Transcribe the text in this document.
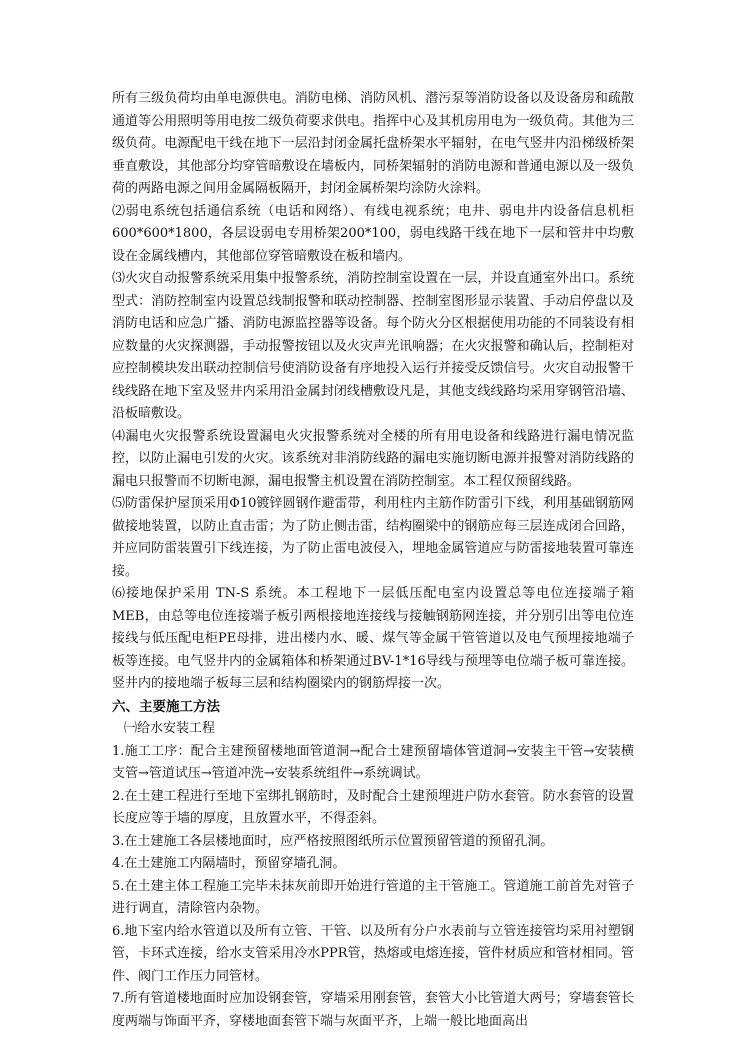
所有三级负荷均由单电源供电。消防电梯、消防风机、潜污泵等消防设备以及设备房和疏散通道等公用照明等用电按二级负荷要求供电。指挥中心及其机房用电为一级负荷。其他为三级负荷。电源配电干线在地下一层沿封闭金属托盘桥架水平辐射，在电气竖井内沿梯级桥架垂直敷设，其他部分均穿管暗敷设在墙板内，同桥架辐射的消防电源和普通电源以及一级负荷的两路电源之间用金属隔板隔开，封闭金属桥架均涂防火涂料。

⑵弱电系统包括通信系统（电话和网络）、有线电视系统；电井、弱电井内设备信息机柜600*600*1800，各层设弱电专用桥架200*100，弱电线路干线在地下一层和管井中均敷设在金属线槽内，其他部位穿管暗敷设在板和墙内。

⑶火灾自动报警系统采用集中报警系统，消防控制室设置在一层，并设直通室外出口。系统型式：消防控制室内设置总线制报警和联动控制器、控制室图形显示装置、手动启停盘以及消防电话和应急广播、消防电源监控器等设备。每个防火分区根据使用功能的不同装设有相应数量的火灾探测器，手动报警按钮以及火灾声光讯响器；在火灾报警和确认后，控制柜对应控制模块发出联动控制信号使消防设备有序地投入运行并接受反馈信号。火灾自动报警干线线路在地下室及竖井内采用沿金属封闭线槽敷设凡是，其他支线线路均采用穿钢管沿墙、沿板暗敷设。

⑷漏电火灾报警系统设置漏电火灾报警系统对全楼的所有用电设备和线路进行漏电情况监控，以防止漏电引发的火灾。该系统对非消防线路的漏电实施切断电源并报警对消防线路的漏电只报警而不切断电源，漏电报警主机设置在消防控制室。本工程仅预留线路。

⑸防雷保护屋顶采用Φ10镀锌圆钢作避雷带，利用柱内主筋作防雷引下线，利用基础钢筋网做接地装置，以防止直击雷；为了防止侧击雷，结构圈梁中的钢筋应每三层连成闭合回路，并应同防雷装置引下线连接，为了防止雷电波侵入，埋地金属管道应与防雷接地装置可靠连接。

⑹接地保护采用 TN-S 系统。本工程地下一层低压配电室内设置总等电位连接端子箱MEB，由总等电位连接端子板引两根接地连接线与接触钢筋网连接，并分别引出等电位连接线与低压配电柜PE母排，进出楼内水、暖、煤气等金属干管管道以及电气预埋接地端子板等连接。电气竖井内的金属箱体和桥架通过BV-1*16导线与预埋等电位端子板可靠连接。竖井内的接地端子板每三层和结构圈梁内的钢筋焊接一次。

六、主要施工方法

㈠给水安装工程

1.施工工序：配合主建预留楼地面管道洞→配合土建预留墙体管道洞→安装主干管→安装横支管→管道试压→管道冲洗→安装系统组件→系统调试。

2.在土建工程进行至地下室绑扎钢筋时，及时配合土建预埋进户防水套管。防水套管的设置长度应等于墙的厚度，且放置水平，不得歪斜。

3.在土建施工各层楼地面时，应严格按照图纸所示位置预留管道的预留孔洞。

4.在土建施工内隔墙时，预留穿墙孔洞。

5.在土建主体工程施工完毕未抹灰前即开始进行管道的主干管施工。管道施工前首先对管子进行调直，清除管内杂物。

6.地下室内给水管道以及所有立管、干管、以及所有分户水表前与立管连接管均采用衬塑钢管，卡环式连接，给水支管采用冷水PPR管，热熔或电熔连接，管件材质应和管材相同。管件、阀门工作压力同管材。

7.所有管道楼地面时应加设钢套管，穿墙采用刚套管，套管大小比管道大两号；穿墙套管长度两端与饰面平齐，穿楼地面套管下端与灰面平齐，上端一般比地面高出
